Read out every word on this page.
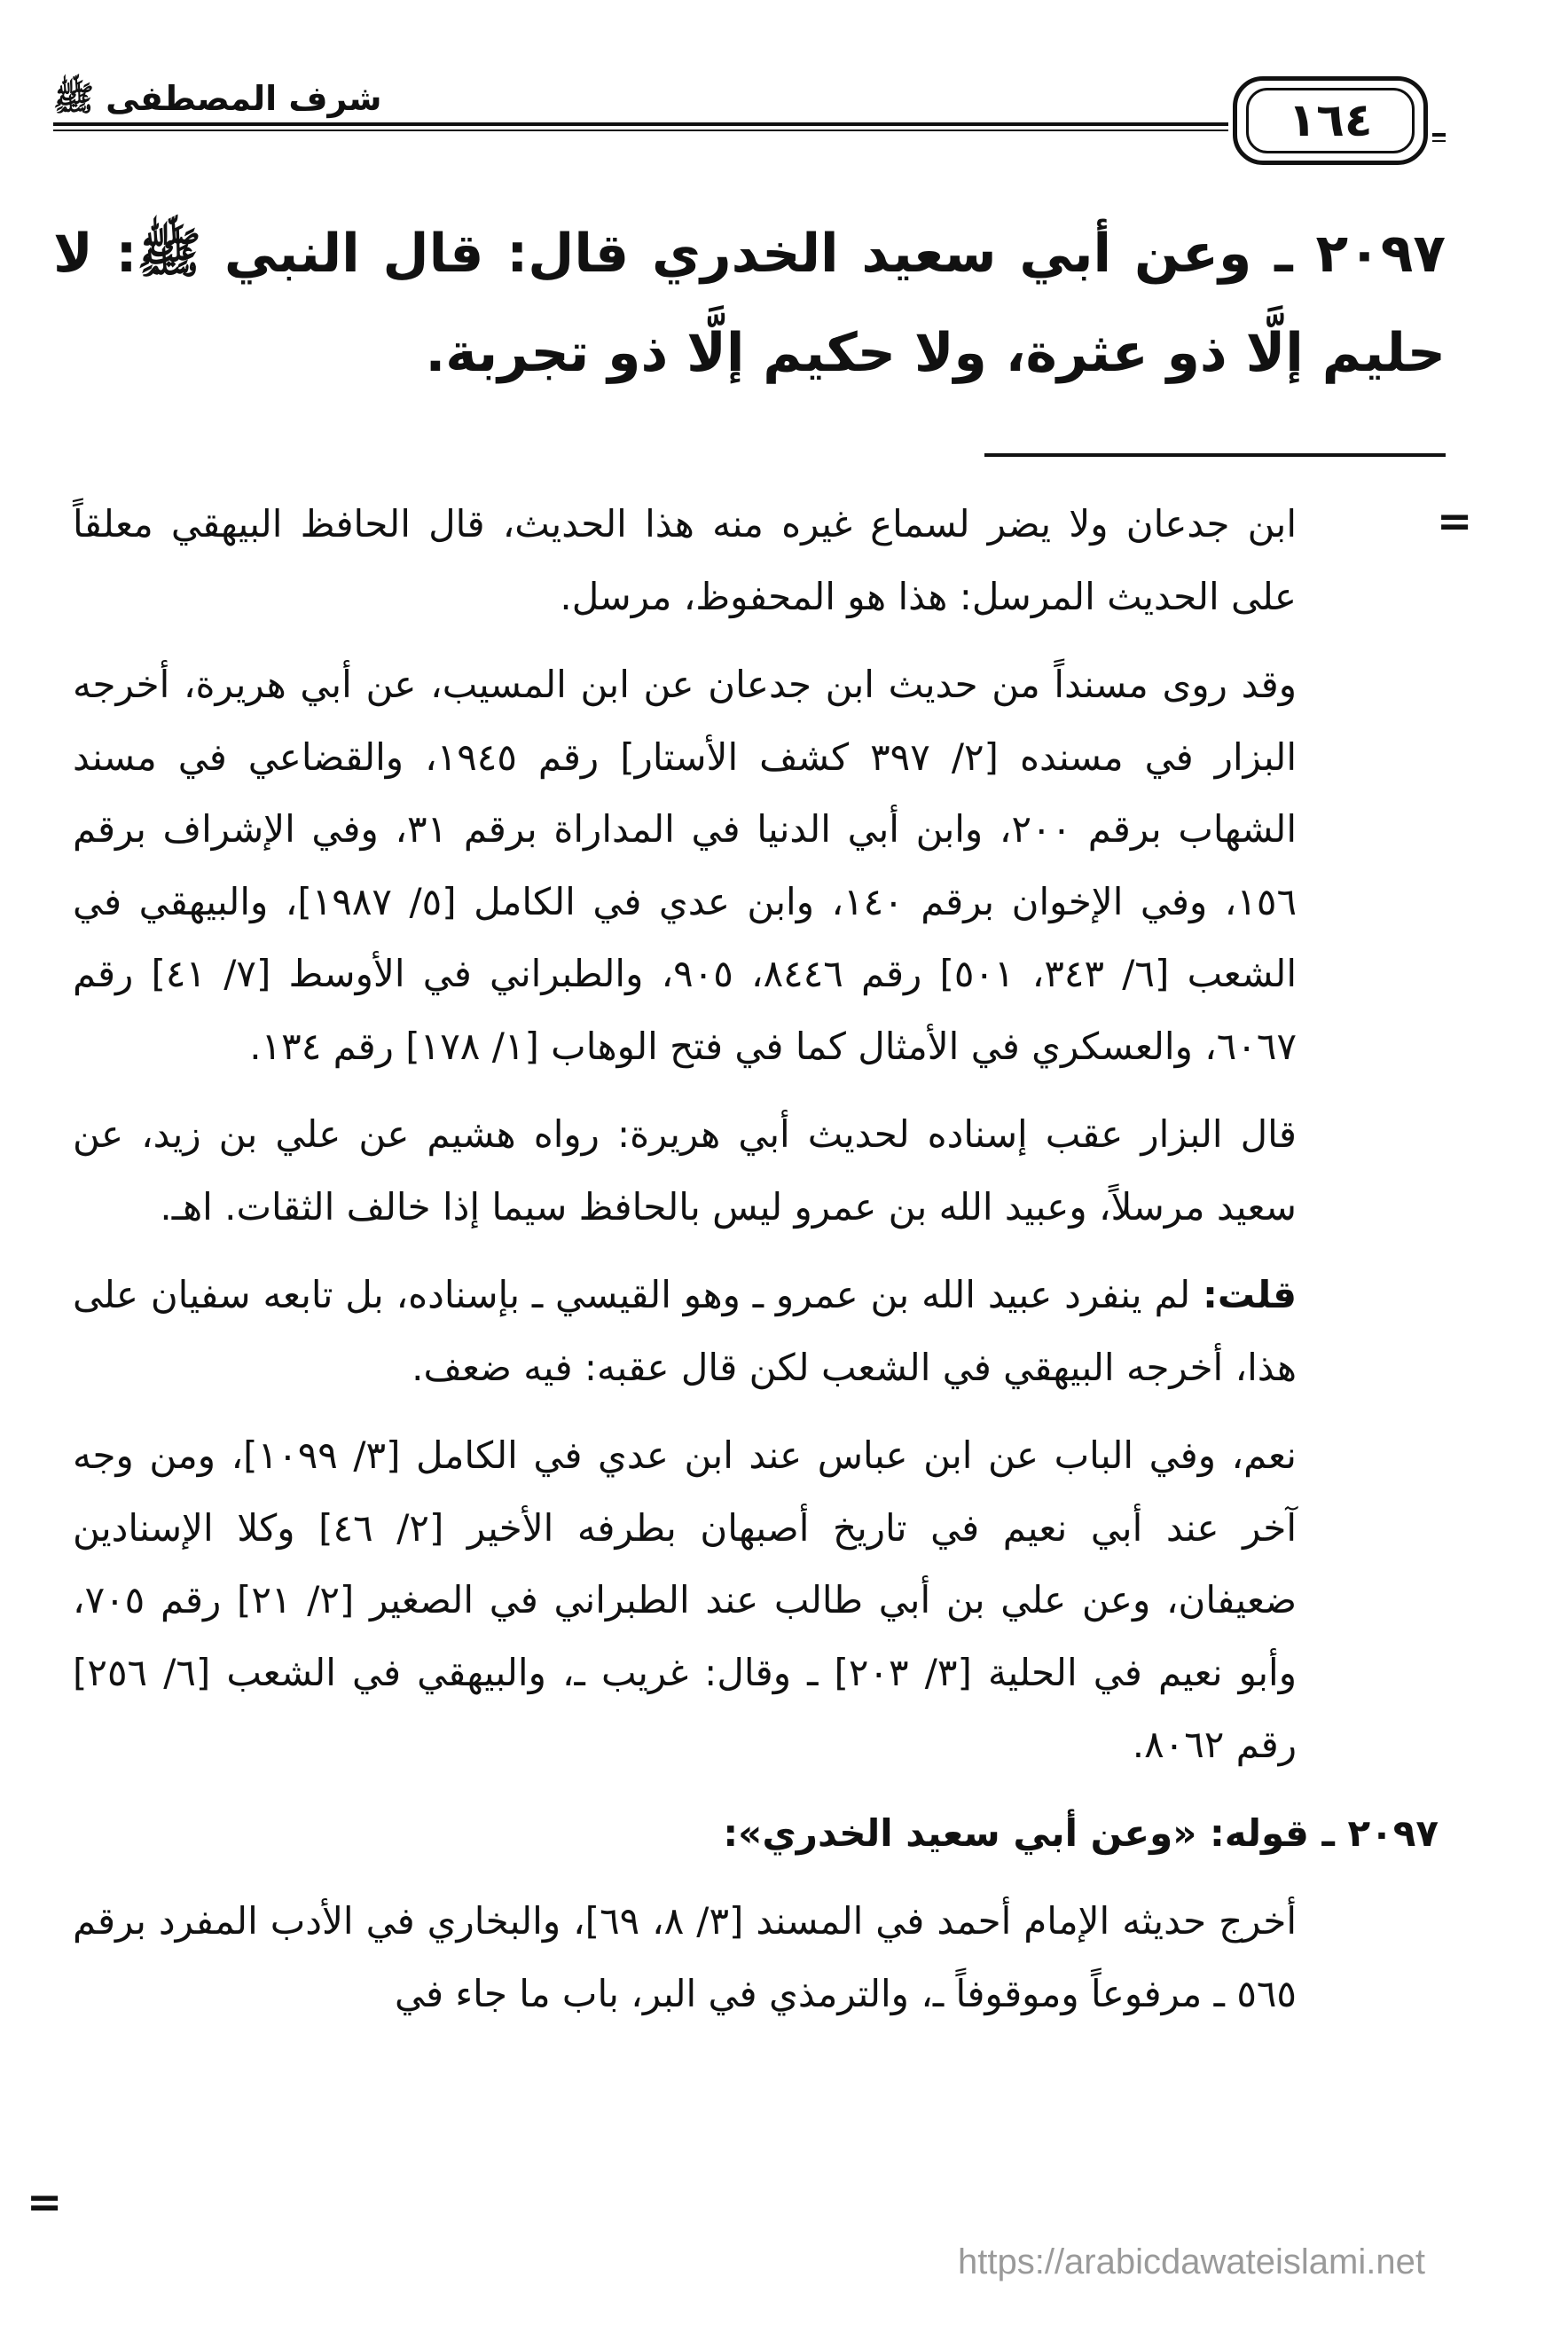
شرف المصطفى ﷺ	١٦٤
٢٠٩٧ ـ وعن أبي سعيد الخدري قال: قال النبي ﷺ: لا حليم إلَّا ذو عثرة، ولا حكيم إلَّا ذو تجربة.
=

ابن جدعان ولا يضر لسماع غيره منه هذا الحديث، قال الحافظ البيهقي معلقاً على الحديث المرسل: هذا هو المحفوظ، مرسل.

وقد روى مسنداً من حديث ابن جدعان عن ابن المسيب، عن أبي هريرة، أخرجه البزار في مسنده [٢/ ٣٩٧ كشف الأستار] رقم ١٩٤٥، والقضاعي في مسند الشهاب برقم ٢٠٠، وابن أبي الدنيا في المداراة برقم ٣١، وفي الإشراف برقم ١٥٦، وفي الإخوان برقم ١٤٠، وابن عدي في الكامل [٥/ ١٩٨٧]، والبيهقي في الشعب [٦/ ٣٤٣، ٥٠١] رقم ٨٤٤٦، ٩٠٥، والطبراني في الأوسط [٧/ ٤١] رقم ٦٠٦٧، والعسكري في الأمثال كما في فتح الوهاب [١/ ١٧٨] رقم ١٣٤.

قال البزار عقب إسناده لحديث أبي هريرة: رواه هشيم عن علي بن زيد، عن سعيد مرسلاً، وعبيد الله بن عمرو ليس بالحافظ سيما إذا خالف الثقات. اهـ.

قلت: لم ينفرد عبيد الله بن عمرو ـ وهو القيسي ـ بإسناده، بل تابعه سفيان على هذا، أخرجه البيهقي في الشعب لكن قال عقبه: فيه ضعف.

نعم، وفي الباب عن ابن عباس عند ابن عدي في الكامل [٣/ ١٠٩٩]، ومن وجه آخر عند أبي نعيم في تاريخ أصبهان بطرفه الأخير [٢/ ٤٦] وكلا الإسنادين ضعيفان، وعن علي بن أبي طالب عند الطبراني في الصغير [٢/ ٢١] رقم ٧٠٥، وأبو نعيم في الحلية [٣/ ٢٠٣] ـ وقال: غريب ـ، والبيهقي في الشعب [٦/ ٢٥٦] رقم ٨٠٦٢.

٢٠٩٧ ـ قوله: «وعن أبي سعيد الخدري»:

أخرج حديثه الإمام أحمد في المسند [٣/ ٨، ٦٩]، والبخاري في الأدب المفرد برقم ٥٦٥ ـ مرفوعاً وموقوفاً ـ، والترمذي في البر، باب ما جاء في

=
https://arabicdawateislami.net
